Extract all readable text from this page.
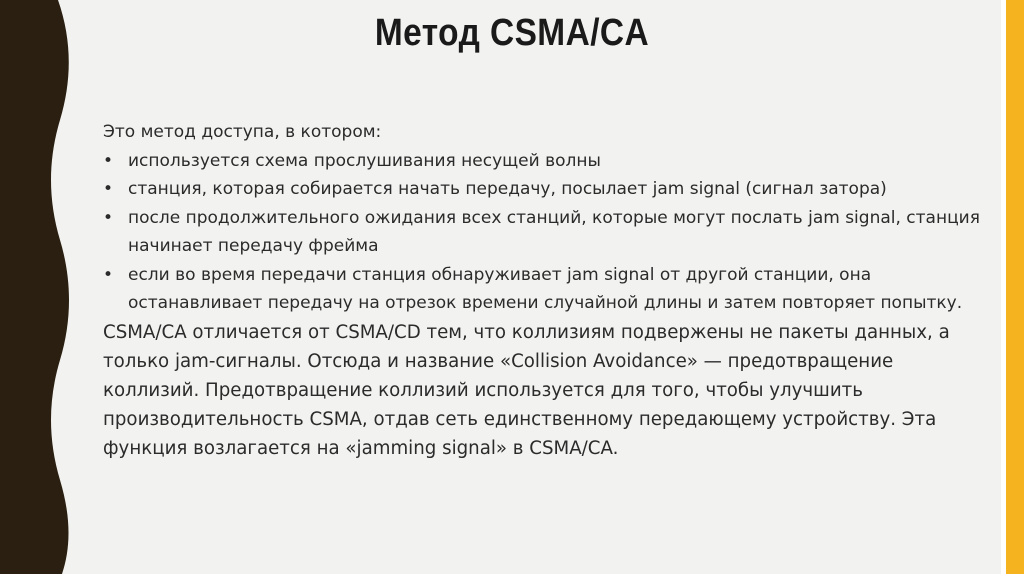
Метод CSMA/CA

Это метод доступа, в котором:

• используется схема прослушивания несущей волны
• станция, которая собирается начать передачу, посылает jam signal (сигнал затора)
• после продолжительного ожидания всех станций, которые могут послать jam signal, станция начинает передачу фрейма
• если во время передачи станция обнаруживает jam signal от другой станции, она останавливает передачу на отрезок времени случайной длины и затем повторяет попытку.

CSMA/CA отличается от CSMA/CD тем, что коллизиям подвержены не пакеты данных, а только jam-сигналы. Отсюда и название «Collision Avoidance» — предотвращение коллизий. Предотвращение коллизий используется для того, чтобы улучшить производительность CSMA, отдав сеть единственному передающему устройству. Эта функция возлагается на «jamming signal» в CSMA/CA.
